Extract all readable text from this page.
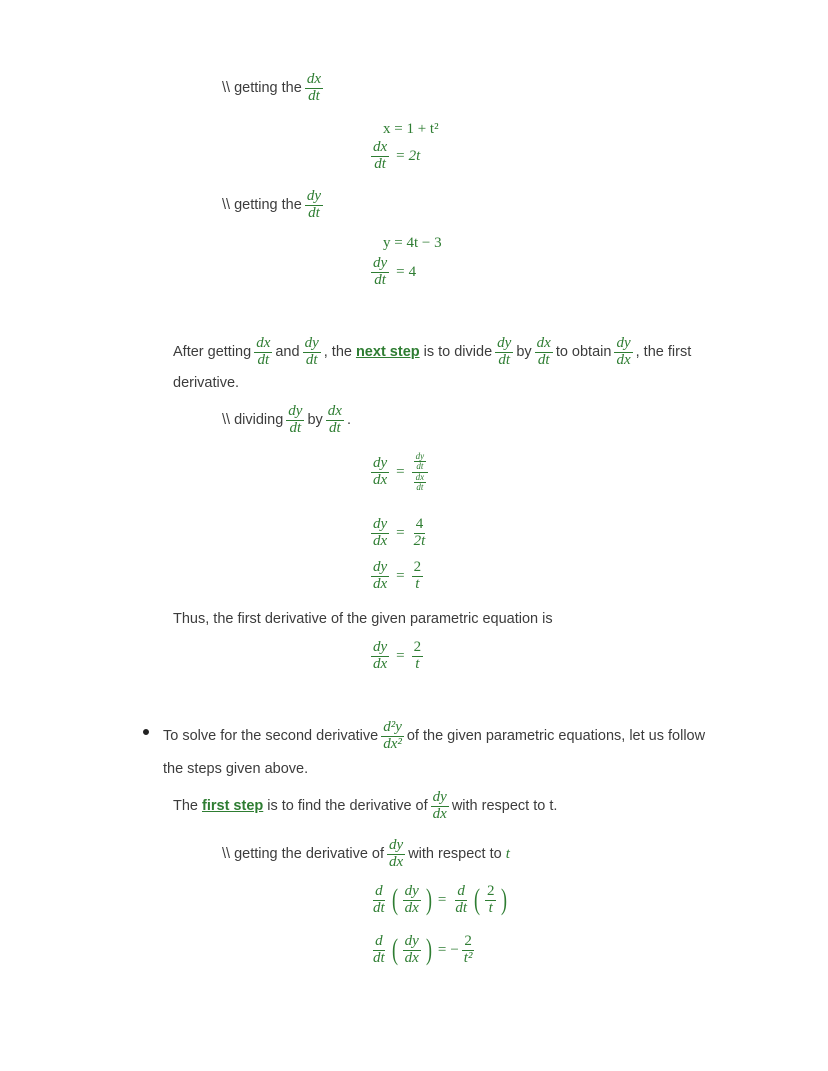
\\ getting the $\frac{dx}{dt}$
x = 1 + t²
$\frac{dx}{dt} = 2t$
\\ getting the $\frac{dy}{dt}$
y = 4t − 3
$\frac{dy}{dt} = 4$
After getting $\frac{dx}{dt}$ and $\frac{dy}{dt}$ , the next step is to divide $\frac{dy}{dt}$ by $\frac{dx}{dt}$ to obtain $\frac{dy}{dx}$ , the first
derivative.
\\ dividing $\frac{dy}{dt}$ by $\frac{dx}{dt}$ .
$\frac{dy}{dx} = \frac{\frac{dy}{dt}}{\frac{dx}{dt}}$
$\frac{dy}{dx} = \frac{4}{2t}$
$\frac{dy}{dx} = \frac{2}{t}$
Thus, the first derivative of the given parametric equation is
$\frac{dy}{dx} = \frac{2}{t}$
To solve for the second derivative $\frac{\text{d²y}}{\text{dx²}}$ of the given parametric equations, let us follow
the steps given above.
The first step is to find the derivative of $\frac{dy}{dx}$ with respect to t.
\\ getting the derivative of $\frac{dy}{dx}$ with respect to t
$\frac{d}{dt}$ ( $\frac{dy}{dx}$ ) = $\frac{d}{dt}$ ( $\frac{2}{t}$ )
$\frac{d}{dt}$ ( $\frac{dy}{dx}$ ) = − $\frac{2}{\text{t²}}$
